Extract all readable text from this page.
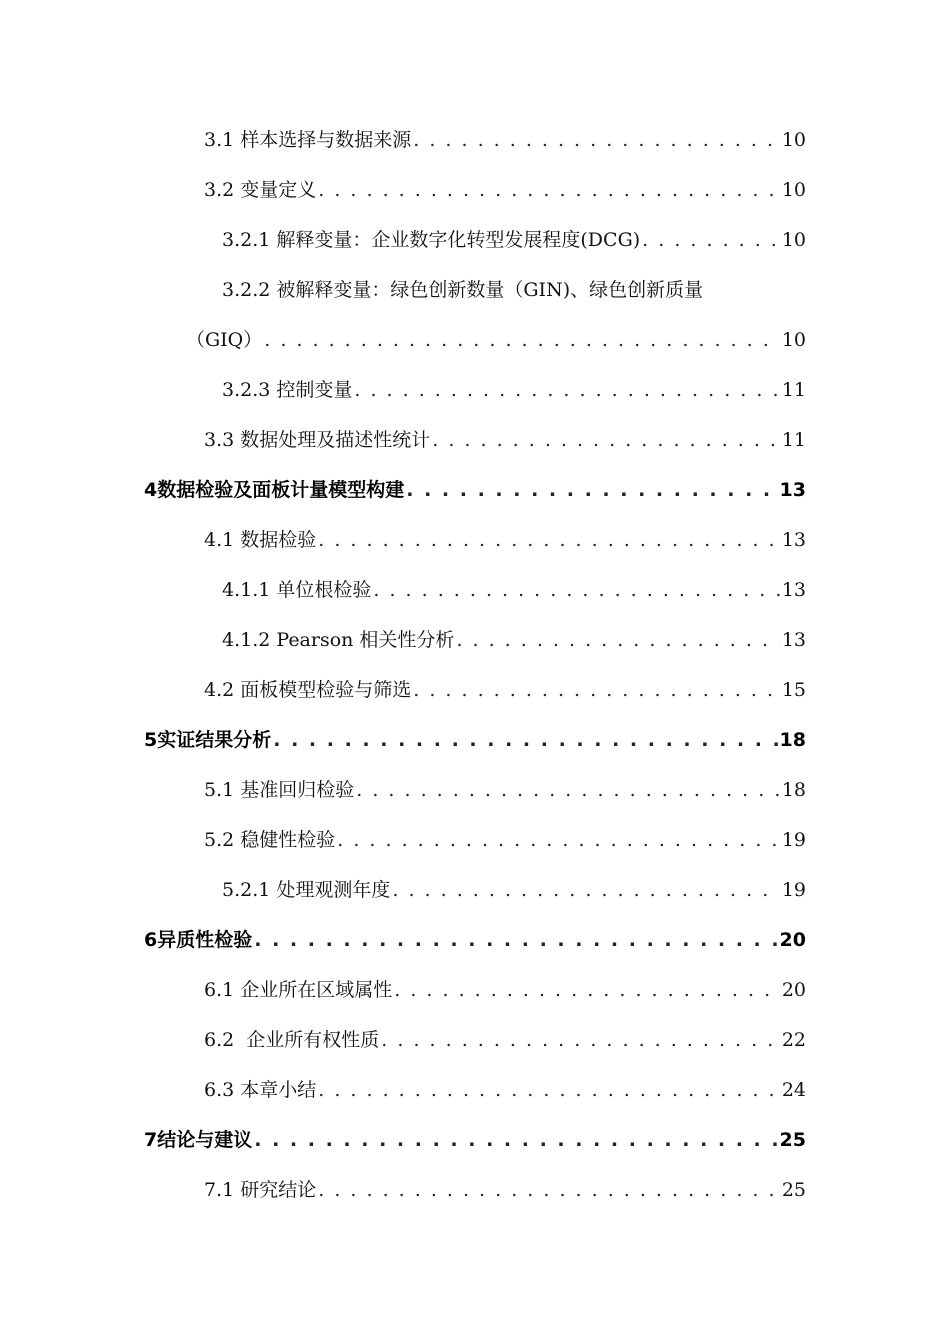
3.1 样本选择与数据来源 . . .	10
3.2 变量定义 . . .	10
3.2.1 解释变量：企业数字化转型发展程度(DCG) . . .	10
3.2.2 被解释变量：绿色创新数量（GIN)、绿色创新质量
（GIQ） . . .	10
3.2.3 控制变量 . . .	11
3.3 数据处理及描述性统计 . . .	11
4 数据检验及面板计量模型构建 . . .	13
4.1 数据检验 . . .	13
4.1.1 单位根检验 . . .	13
4.1.2 Pearson 相关性分析 . . .	13
4.2 面板模型检验与筛选 . . .	15
5 实证结果分析 . . .	18
5.1 基准回归检验 . . .	18
5.2 稳健性检验 . . .	19
5.2.1 处理观测年度 . . .	19
6 异质性检验 . . .	20
6.1 企业所在区域属性 . . .	20
6.2  企业所有权性质 . . .	22
6.3 本章小结 . . .	24
7 结论与建议 . . .	25
7.1 研究结论 . . .	25
